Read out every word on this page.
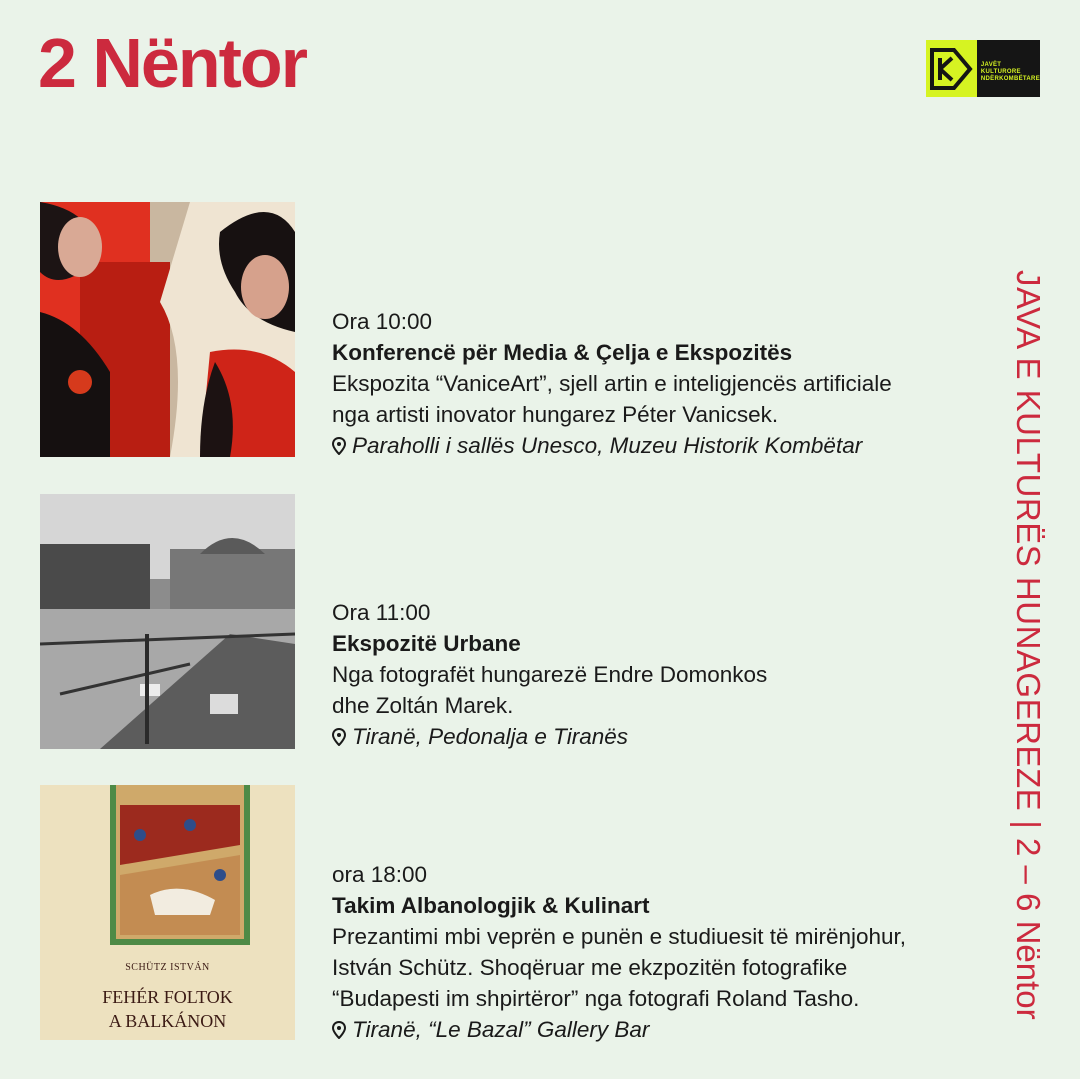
2 Nëntor	JAVËT
KULTURORE
NDËRKOMBËTARE
JAVA E KULTURËS HUNAGEREZE | 2 – 6 Nëntor
Ora 10:00
Konferencë për Media & Çelja e Ekspozitës
Ekspozita “VaniceArt”, sjell artin e inteligjencës artificiale
nga artisti inovator hungarez Péter Vanicsek.
Paraholli i sallës Unesco, Muzeu Historik Kombëtar
Ora 11:00
Ekspozitë Urbane
Nga fotografët hungarezë Endre Domonkos
dhe Zoltán Marek.
Tiranë, Pedonalja e Tiranës
SCHÜTZ ISTVÁN
FEHÉR FOLTOK
A BALKÁNON
ora 18:00
Takim Albanologjik & Kulinart
Prezantimi mbi veprën e punën e studiuesit të mirënjohur,
István Schütz. Shoqëruar me ekzpozitën fotografike
“Budapesti im shpirtëror” nga fotografi Roland Tasho.
Tiranë, “Le Bazal” Gallery Bar
